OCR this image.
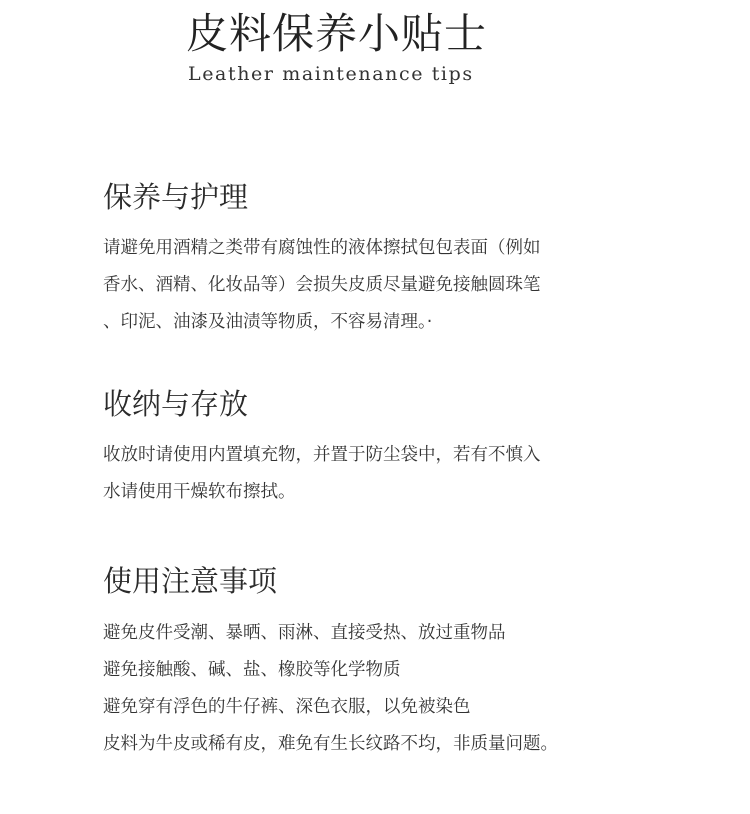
皮料保养小贴士
Leather maintenance tips
保养与护理
请避免用酒精之类带有腐蚀性的液体擦拭包包表面（例如
香水、酒精、化妆品等）会损失皮质尽量避免接触圆珠笔
、印泥、油漆及油渍等物质，不容易清理。·
收纳与存放
收放时请使用内置填充物，并置于防尘袋中，若有不慎入
水请使用干燥软布擦拭。
使用注意事项
避免皮件受潮、暴晒、雨淋、直接受热、放过重物品
避免接触酸、碱、盐、橡胶等化学物质
避免穿有浮色的牛仔裤、深色衣服，以免被染色
皮料为牛皮或稀有皮，难免有生长纹路不均，非质量问题。
